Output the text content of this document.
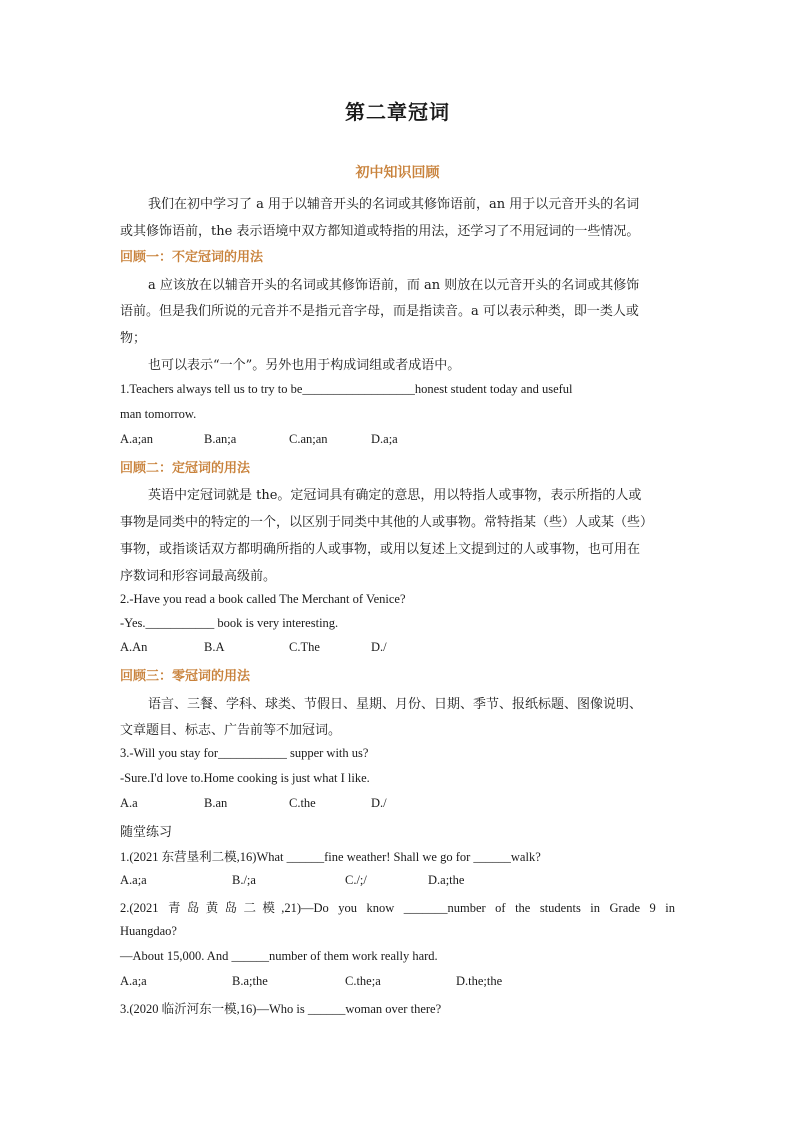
第二章冠词
初中知识回顾
我们在初中学习了 a 用于以辅音开头的名词或其修饰语前，an 用于以元音开头的名词
或其修饰语前，the 表示语境中双方都知道或特指的用法，还学习了不用冠词的一些情况。
回顾一：不定冠词的用法
a 应该放在以辅音开头的名词或其修饰语前，而 an 则放在以元音开头的名词或其修饰
语前。但是我们所说的元音并不是指元音字母，而是指读音。a 可以表示种类，即一类人或
物；
也可以表示“一个”。另外也用于构成词组或者成语中。
1.Teachers always tell us to try to be__________________honest student today and useful
man tomorrow.
A.a;an	B.an;a	C.an;an	D.a;a
回顾二：定冠词的用法
英语中定冠词就是 the。定冠词具有确定的意思，用以特指人或事物，表示所指的人或
事物是同类中的特定的一个，以区别于同类中其他的人或事物。常特指某（些）人或某（些）
事物，或指谈话双方都明确所指的人或事物，或用以复述上文提到过的人或事物，也可用在
序数词和形容词最高级前。
2.-Have you read a book called The Merchant of Venice?
-Yes.___________ book is very interesting.
A.An	B.A	C.The	D./
回顾三：零冠词的用法
语言、三餐、学科、球类、节假日、星期、月份、日期、季节、报纸标题、图像说明、
文章题目、标志、广告前等不加冠词。
3.-Will you stay for___________ supper with us?
-Sure.I'd love to.Home cooking is just what I like.
A.a	B.an	C.the	D./
随堂练习
1.(2021 东营垦利二模,16)What ______fine weather! Shall we go for ______walk?
A.a;a	B./;a	C./;/	D.a;the
2.(2021 青岛黄岛二模,21)—Do you know _______number of the students in Grade 9 in
Huangdao?
—About 15,000. And ______number of them work really hard.
A.a;a	B.a;the	C.the;a	D.the;the
3.(2020 临沂河东一模,16)—Who is ______woman over there?
